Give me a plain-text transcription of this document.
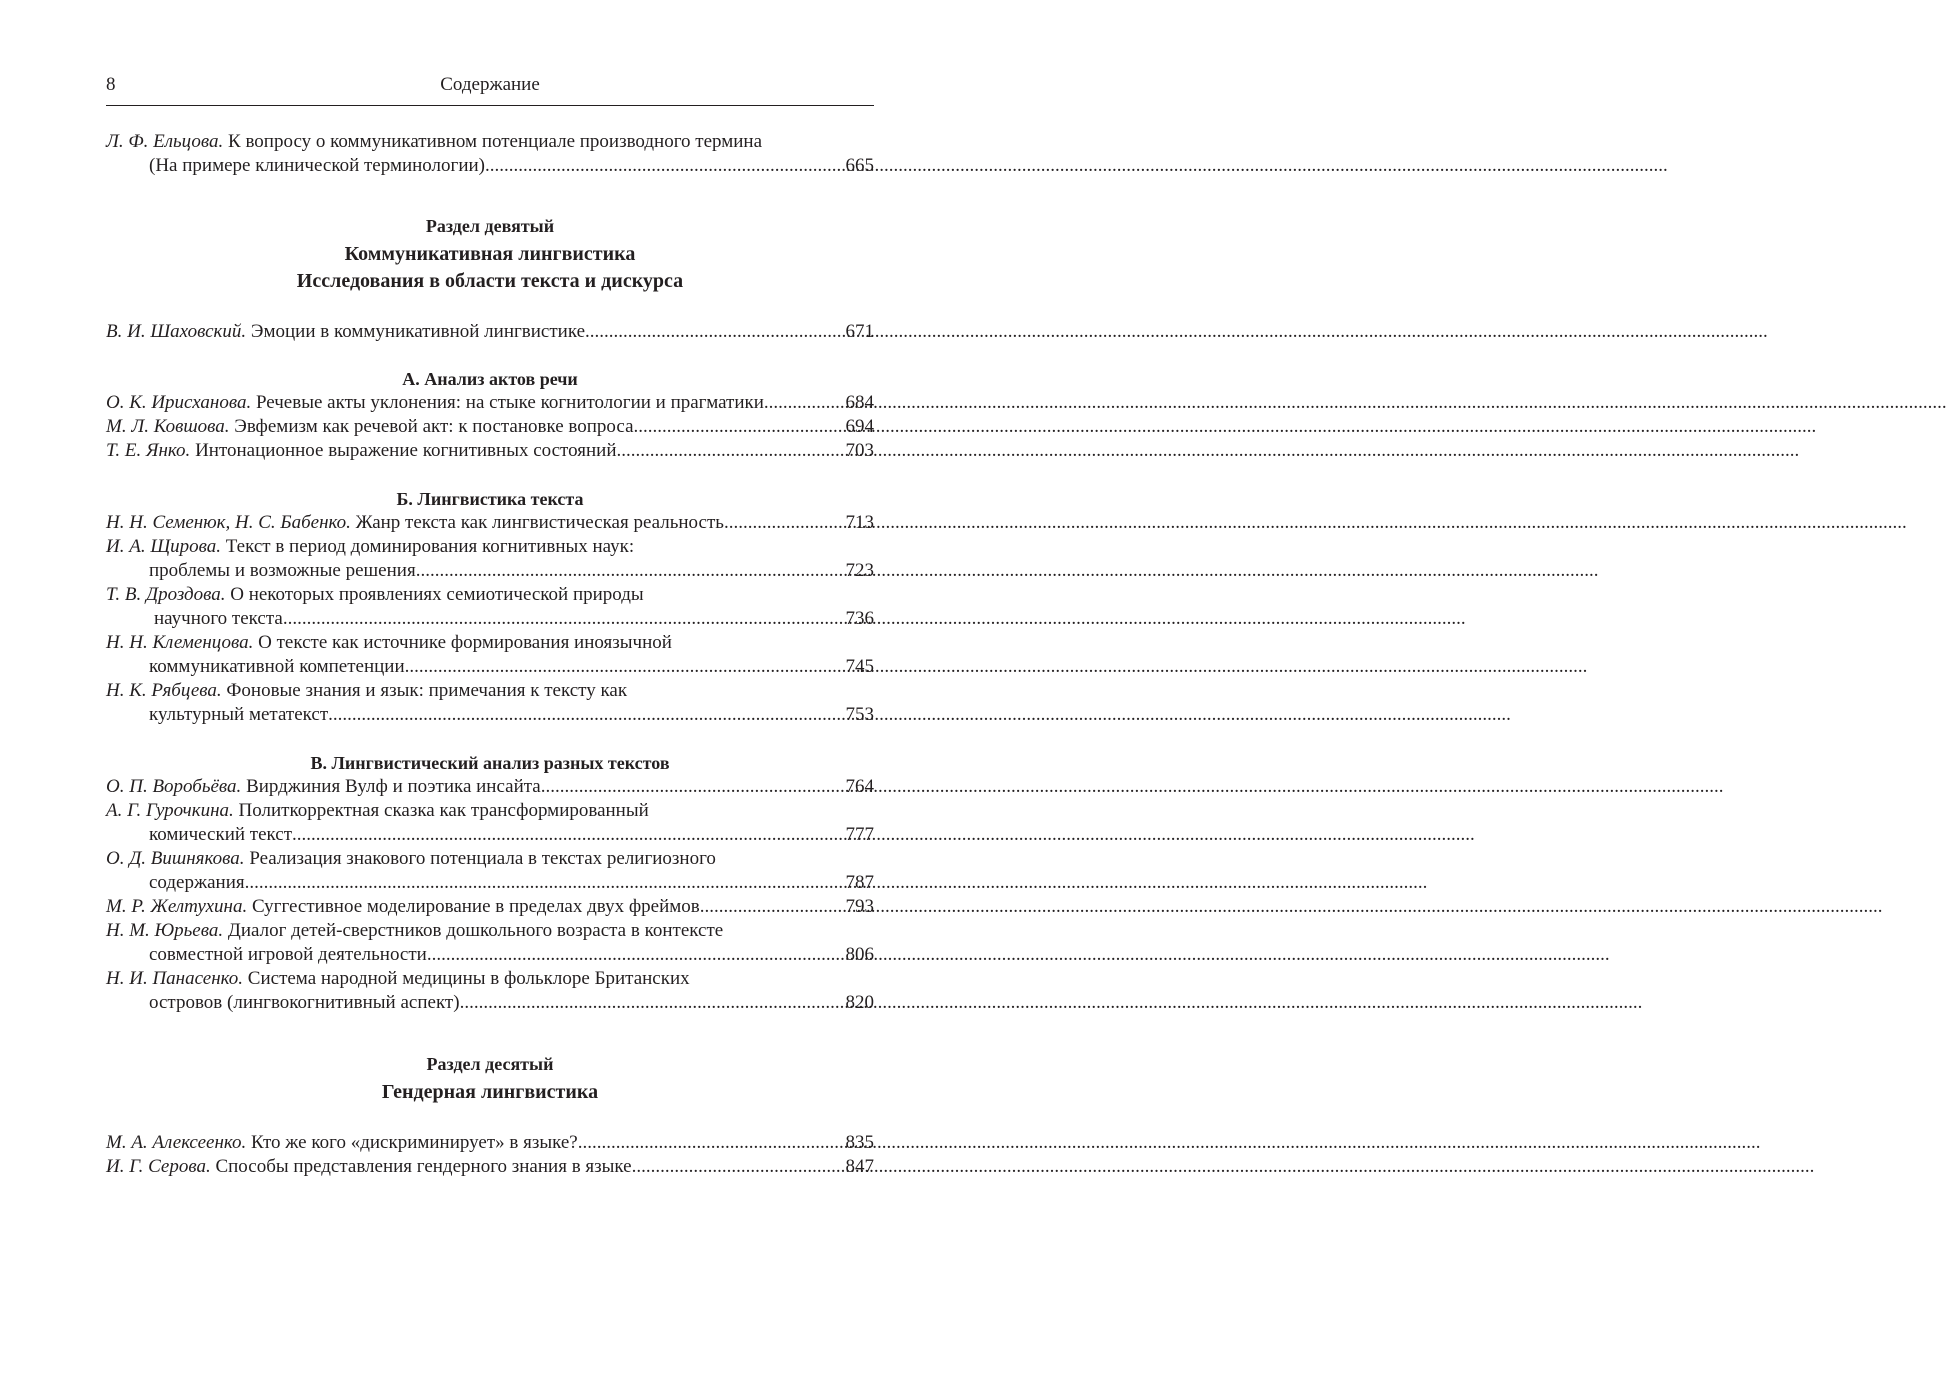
8	Содержание
Л. Ф. Ельцова. К вопросу о коммуникативном потенциале производного термина
(На примере клинической терминологии) .....	665
Раздел девятый
Коммуникативная лингвистика
Исследования в области текста и дискурса
В. И. Шаховский. Эмоции в коммуникативной лингвистике .....	671
А. Анализ актов речи
О. К. Ирисханова. Речевые акты уклонения: на стыке когнитологии и прагматики .....	684
М. Л. Ковшова. Эвфемизм как речевой акт: к постановке вопроса .....	694
Т. Е. Янко. Интонационное выражение когнитивных состояний .....	703
Б. Лингвистика текста
Н. Н. Семенюк, Н. С. Бабенко. Жанр текста как лингвистическая реальность .....	713
И. А. Щирова. Текст в период доминирования когнитивных наук:
проблемы и возможные решения .....	723
Т. В. Дроздова. О некоторых проявлениях семиотической природы
научного текста .....	736
Н. Н. Клеменцова. О тексте как источнике формирования иноязычной
коммуникативной компетенции .....	745
Н. К. Рябцева. Фоновые знания и язык: примечания к тексту как
культурный метатекст .....	753
В. Лингвистический анализ разных текстов
О. П. Воробьёва. Вирджиния Вулф и поэтика инсайта .....	764
А. Г. Гурочкина. Политкорректная сказка как трансформированный
комический текст .....	777
О. Д. Вишнякова. Реализация знакового потенциала в текстах религиозного
содержания .....	787
М. Р. Желтухина. Суггестивное моделирование в пределах двух фреймов .....	793
Н. М. Юрьева. Диалог детей-сверстников дошкольного возраста в контексте
совместной игровой деятельности .....	806
Н. И. Панасенко. Система народной медицины в фольклоре Британских
островов (лингвокогнитивный аспект) .....	820
Раздел десятый
Гендерная лингвистика
М. А. Алексеенко. Кто же кого «дискриминирует» в языке? .....	835
И. Г. Серова. Способы представления гендерного знания в языке .....	847
